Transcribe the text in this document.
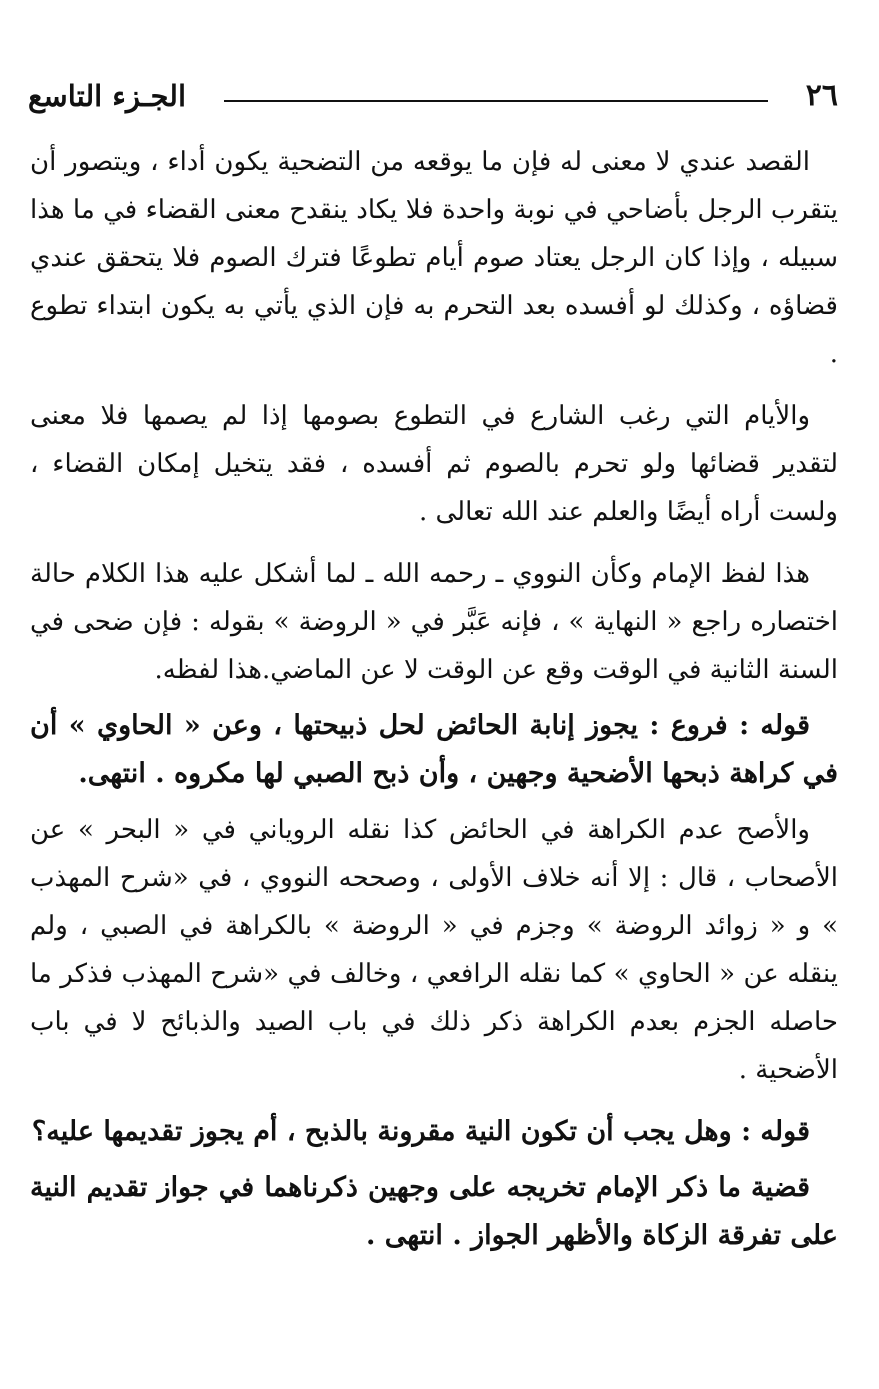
٢٦
الجـزء التاسع

القصد عندي لا معنى له فإن ما يوقعه من التضحية يكون أداء ، ويتصور أن يتقرب الرجل بأضاحي في نوبة واحدة فلا يكاد ينقدح معنى القضاء في ما هذا سبيله ، وإذا كان الرجل يعتاد صوم أيام تطوعًا فترك الصوم فلا يتحقق عندي قضاؤه ، وكذلك لو أفسده بعد التحرم به فإن الذي يأتي به يكون ابتداء تطوع .

والأيام التي رغب الشارع في التطوع بصومها إذا لم يصمها فلا معنى لتقدير قضائها ولو تحرم بالصوم ثم أفسده ، فقد يتخيل إمكان القضاء ، ولست أراه أيضًا والعلم عند الله تعالى .

هذا لفظ الإمام وكأن النووي ـ رحمه الله ـ لما أشكل عليه هذا الكلام حالة اختصاره راجع « النهاية » ، فإنه عَبَّر في « الروضة » بقوله : فإن ضحى في السنة الثانية في الوقت وقع عن الوقت لا عن الماضي.هذا لفظه.

قوله : فروع : يجوز إنابة الحائض لحل ذبيحتها ، وعن « الحاوي » أن في كراهة ذبحها الأضحية وجهين ، وأن ذبح الصبي لها مكروه . انتهى.

والأصح عدم الكراهة في الحائض كذا نقله الروياني في « البحر » عن الأصحاب ، قال : إلا أنه خلاف الأولى ، وصححه النووي ، في «شرح المهذب » و « زوائد الروضة » وجزم في « الروضة » بالكراهة في الصبي ، ولم ينقله عن « الحاوي » كما نقله الرافعي ، وخالف في «شرح المهذب فذكر ما حاصله الجزم بعدم الكراهة ذكر ذلك في باب الصيد والذبائح لا في باب الأضحية .

قوله : وهل يجب أن تكون النية مقرونة بالذبح ، أم يجوز تقديمها عليه؟

قضية ما ذكر الإمام تخريجه على وجهين ذكرناهما في جواز تقديم النية على تفرقة الزكاة والأظهر الجواز . انتهى .
